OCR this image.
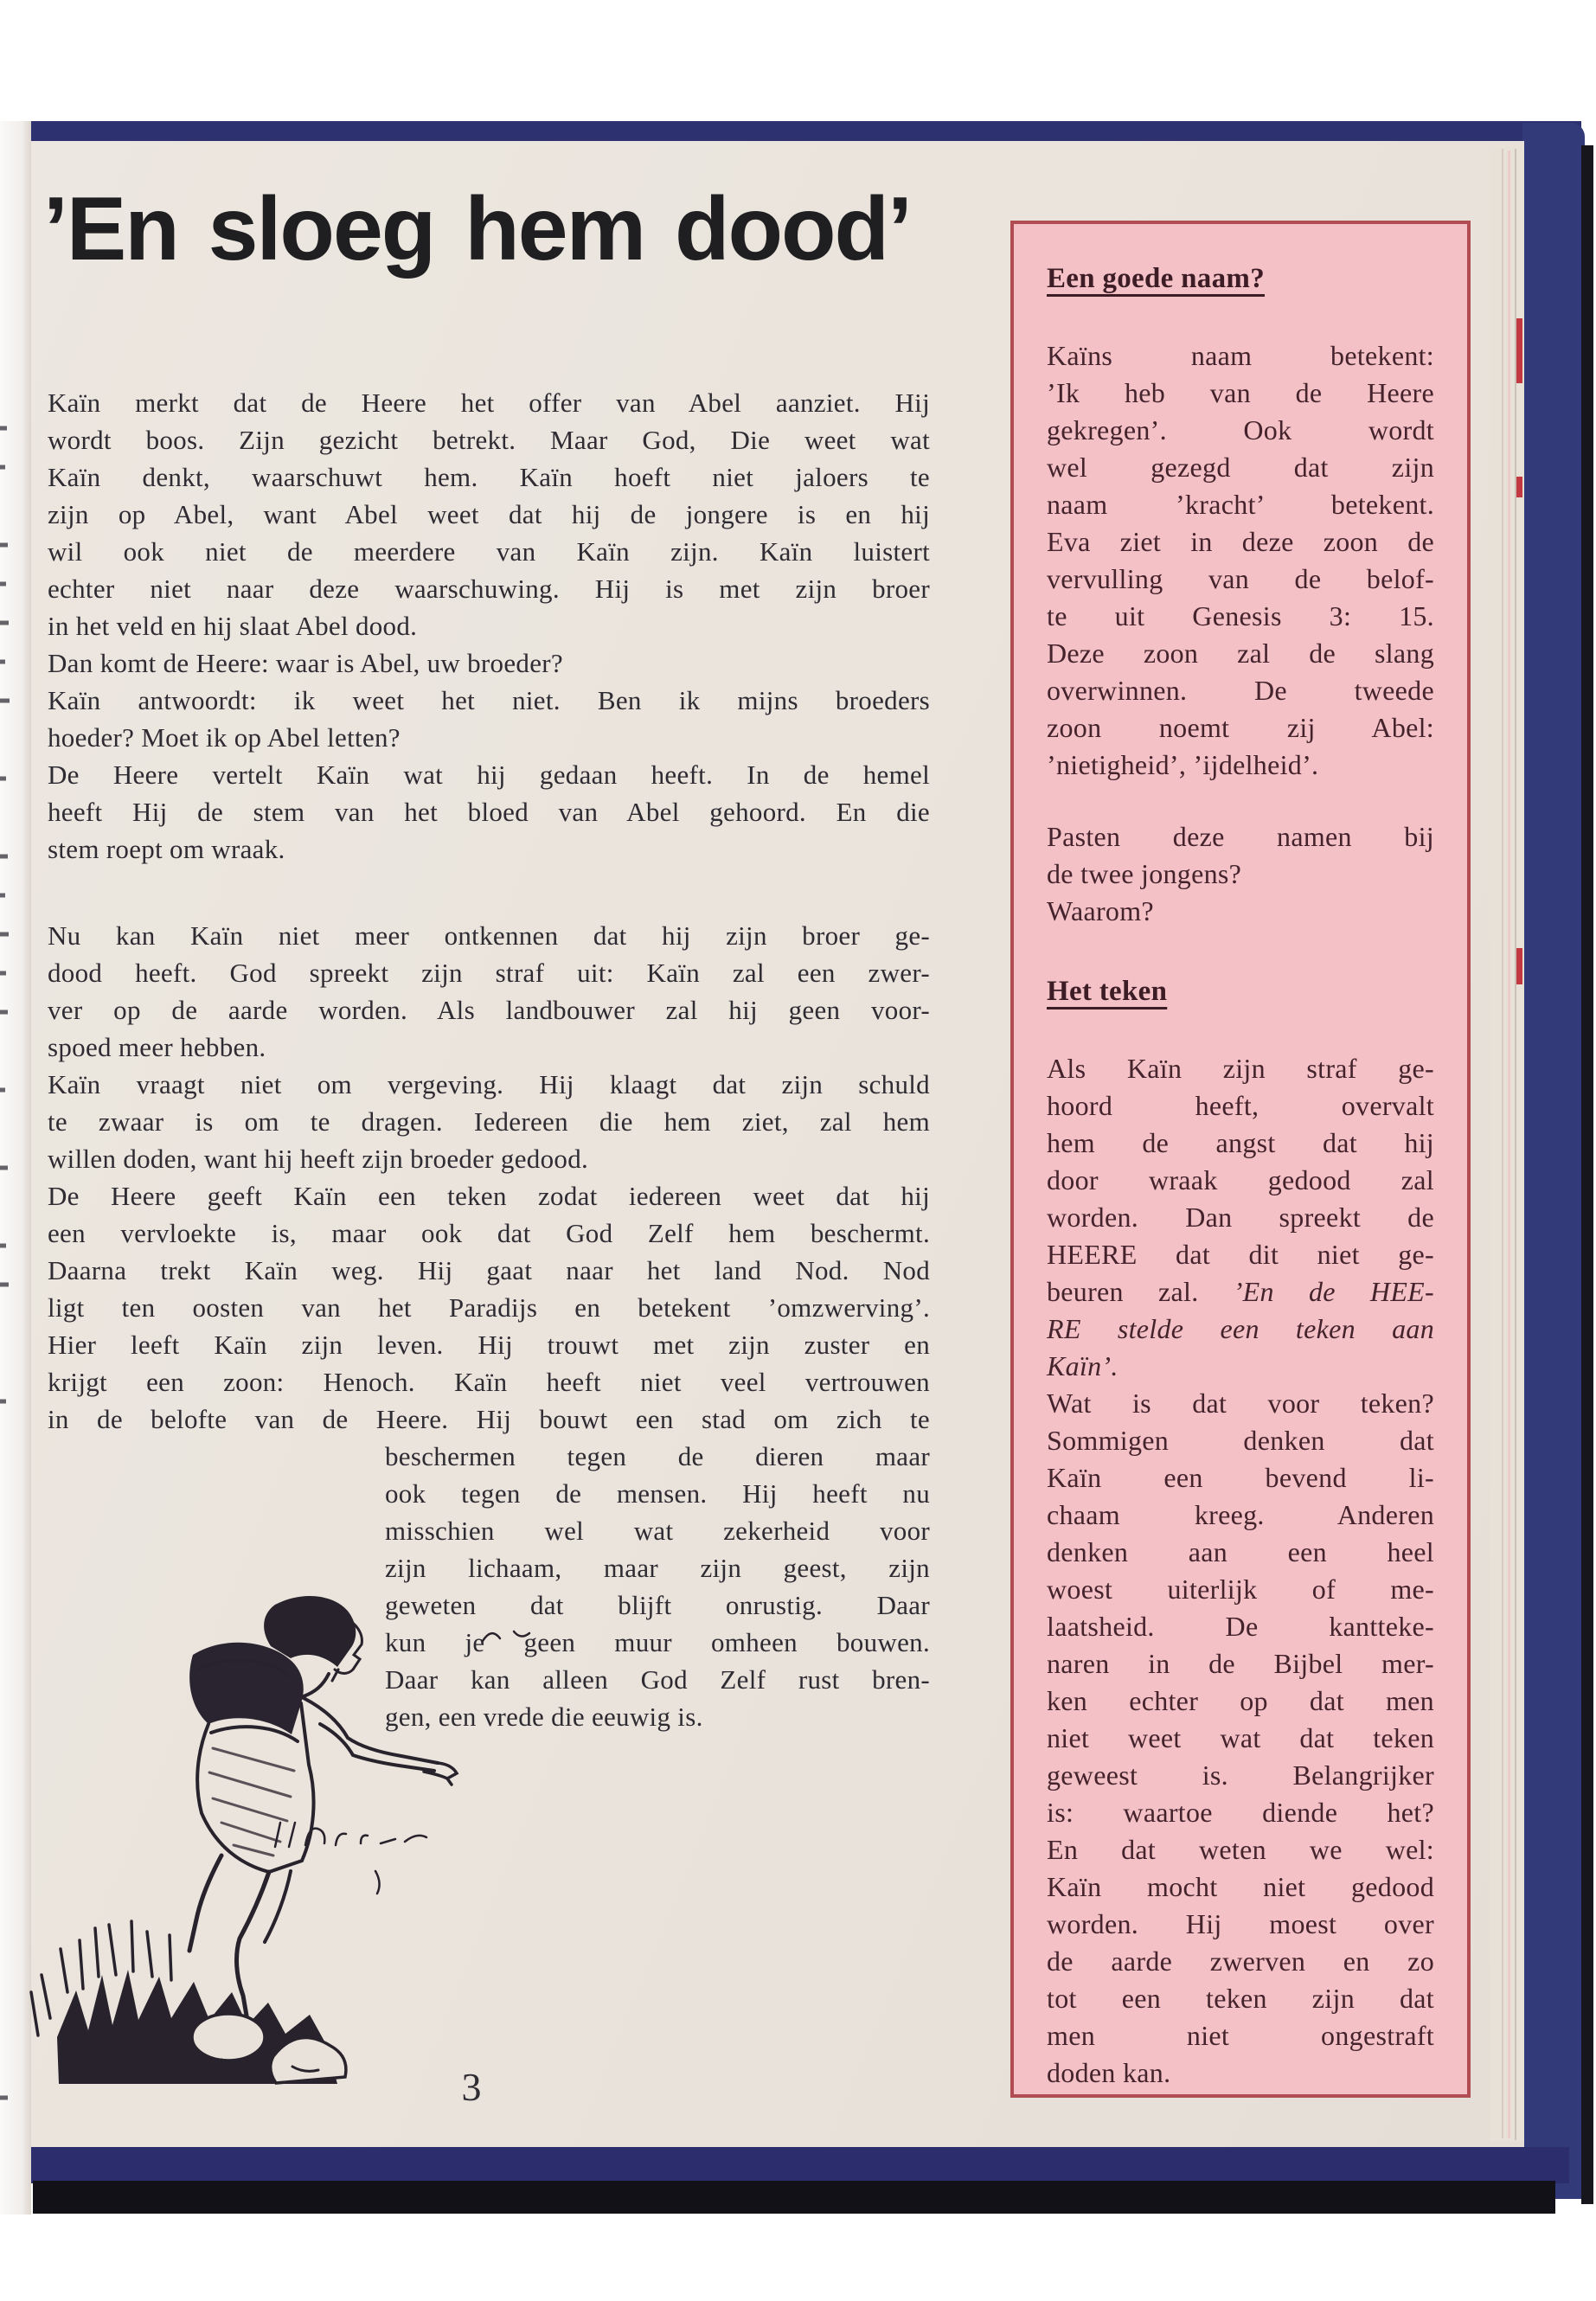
’En sloeg hem dood’
Kaïn merkt dat de Heere het offer van Abel aanziet. Hij
wordt boos. Zijn gezicht betrekt. Maar God, Die weet wat
Kaïn denkt, waarschuwt hem. Kaïn hoeft niet jaloers te
zijn op Abel, want Abel weet dat hij de jongere is en hij
wil ook niet de meerdere van Kaïn zijn. Kaïn luistert
echter niet naar deze waarschuwing. Hij is met zijn broer
in het veld en hij slaat Abel dood.
Dan komt de Heere: waar is Abel, uw broeder?
Kaïn antwoordt: ik weet het niet. Ben ik mijns broeders
hoeder? Moet ik op Abel letten?
De Heere vertelt Kaïn wat hij gedaan heeft. In de hemel
heeft Hij de stem van het bloed van Abel gehoord. En die
stem roept om wraak.
Nu kan Kaïn niet meer ontkennen dat hij zijn broer ge-
dood heeft. God spreekt zijn straf uit: Kaïn zal een zwer-
ver op de aarde worden. Als landbouwer zal hij geen voor-
spoed meer hebben.
Kaïn vraagt niet om vergeving. Hij klaagt dat zijn schuld
te zwaar is om te dragen. Iedereen die hem ziet, zal hem
willen doden, want hij heeft zijn broeder gedood.
De Heere geeft Kaïn een teken zodat iedereen weet dat hij
een vervloekte is, maar ook dat God Zelf hem beschermt.
Daarna trekt Kaïn weg. Hij gaat naar het land Nod. Nod
ligt ten oosten van het Paradijs en betekent ’omzwerving’.
Hier leeft Kaïn zijn leven. Hij trouwt met zijn zuster en
krijgt een zoon: Henoch. Kaïn heeft niet veel vertrouwen
in de belofte van de Heere. Hij bouwt een stad om zich te
beschermen tegen de dieren maar
ook tegen de mensen. Hij heeft nu
misschien wel wat zekerheid voor
zijn lichaam, maar zijn geest, zijn
geweten dat blijft onrustig. Daar
kun je geen muur omheen bouwen.
Daar kan alleen God Zelf rust bren-
gen, een vrede die eeuwig is.
Een goede naam?
Kaïns naam betekent:
’Ik heb van de Heere
gekregen’. Ook wordt
wel gezegd dat zijn
naam ’kracht’ betekent.
Eva ziet in deze zoon de
vervulling van de belof-
te uit Genesis 3: 15.
Deze zoon zal de slang
overwinnen. De tweede
zoon noemt zij Abel:
’nietigheid’, ’ijdelheid’.
Pasten deze namen bij
de twee jongens?
Waarom?
Het teken
Als Kaïn zijn straf ge-
hoord heeft, overvalt
hem de angst dat hij
door wraak gedood zal
worden. Dan spreekt de
HEERE dat dit niet ge-
beuren zal. ’En de HEE-
RE stelde een teken aan
Kaïn’.
Wat is dat voor teken?
Sommigen denken dat
Kaïn een bevend li-
chaam kreeg. Anderen
denken aan een heel
woest uiterlijk of me-
laatsheid. De kantteke-
naren in de Bijbel mer-
ken echter op dat men
niet weet wat dat teken
geweest is. Belangrijker
is: waartoe diende het?
En dat weten we wel:
Kaïn mocht niet gedood
worden. Hij moest over
de aarde zwerven en zo
tot een teken zijn dat
men niet ongestraft
doden kan.
3
